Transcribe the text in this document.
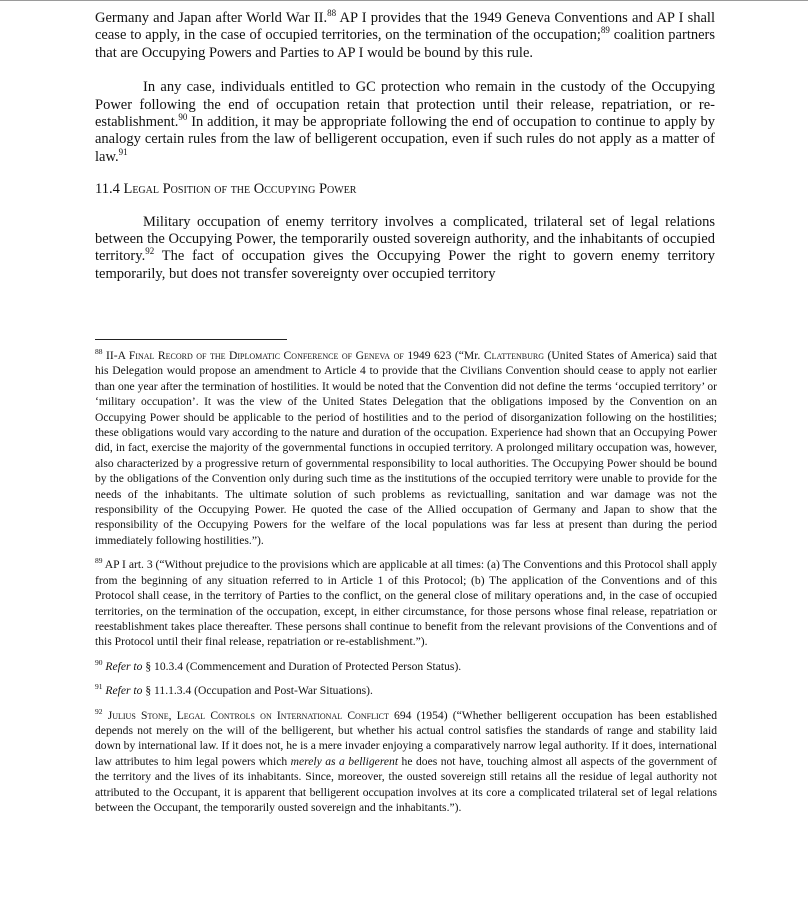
Germany and Japan after World War II.$^{88}$ AP I provides that the 1949 Geneva Conventions and AP I shall cease to apply, in the case of occupied territories, on the termination of the occupation;$^{89}$ coalition partners that are Occupying Powers and Parties to AP I would be bound by this rule.

In any case, individuals entitled to GC protection who remain in the custody of the Occupying Power following the end of occupation retain that protection until their release, repatriation, or re-establishment.$^{90}$ In addition, it may be appropriate following the end of occupation to continue to apply by analogy certain rules from the law of belligerent occupation, even if such rules do not apply as a matter of law.$^{91}$

11.4 Legal Position of the Occupying Power

Military occupation of enemy territory involves a complicated, trilateral set of legal relations between the Occupying Power, the temporarily ousted sovereign authority, and the inhabitants of occupied territory.$^{92}$ The fact of occupation gives the Occupying Power the right to govern enemy territory temporarily, but does not transfer sovereignty over occupied territory

$^{88}$ II-A Final Record of the Diplomatic Conference of Geneva of 1949 623 (“Mr. Clattenburg (United States of America) said that his Delegation would propose an amendment to Article 4 to provide that the Civilians Convention should cease to apply not earlier than one year after the termination of hostilities. It would be noted that the Convention did not define the terms ‘occupied territory’ or ‘military occupation’. It was the view of the United States Delegation that the obligations imposed by the Convention on an Occupying Power should be applicable to the period of hostilities and to the period of disorganization following on the hostilities; these obligations would vary according to the nature and duration of the occupation. Experience had shown that an Occupying Power did, in fact, exercise the majority of the governmental functions in occupied territory. A prolonged military occupation was, however, also characterized by a progressive return of governmental responsibility to local authorities. The Occupying Power should be bound by the obligations of the Convention only during such time as the institutions of the occupied territory were unable to provide for the needs of the inhabitants. The ultimate solution of such problems as revictualling, sanitation and war damage was not the responsibility of the Occupying Power. He quoted the case of the Allied occupation of Germany and Japan to show that the responsibility of the Occupying Powers for the welfare of the local populations was far less at present than during the period immediately following hostilities.”).

$^{89}$ AP I art. 3 (“Without prejudice to the provisions which are applicable at all times: (a) The Conventions and this Protocol shall apply from the beginning of any situation referred to in Article 1 of this Protocol; (b) The application of the Conventions and of this Protocol shall cease, in the territory of Parties to the conflict, on the general close of military operations and, in the case of occupied territories, on the termination of the occupation, except, in either circumstance, for those persons whose final release, repatriation or reestablishment takes place thereafter. These persons shall continue to benefit from the relevant provisions of the Conventions and of this Protocol until their final release, repatriation or re-establishment.”).

$^{90}$ Refer to § 10.3.4 (Commencement and Duration of Protected Person Status).

$^{91}$ Refer to § 11.1.3.4 (Occupation and Post-War Situations).

$^{92}$ Julius Stone, Legal Controls on International Conflict 694 (1954) (“Whether belligerent occupation has been established depends not merely on the will of the belligerent, but whether his actual control satisfies the standards of range and stability laid down by international law. If it does not, he is a mere invader enjoying a comparatively narrow legal authority. If it does, international law attributes to him legal powers which merely as a belligerent he does not have, touching almost all aspects of the government of the territory and the lives of its inhabitants. Since, moreover, the ousted sovereign still retains all the residue of legal authority not attributed to the Occupant, it is apparent that belligerent occupation involves at its core a complicated trilateral set of legal relations between the Occupant, the temporarily ousted sovereign and the inhabitants.”).
